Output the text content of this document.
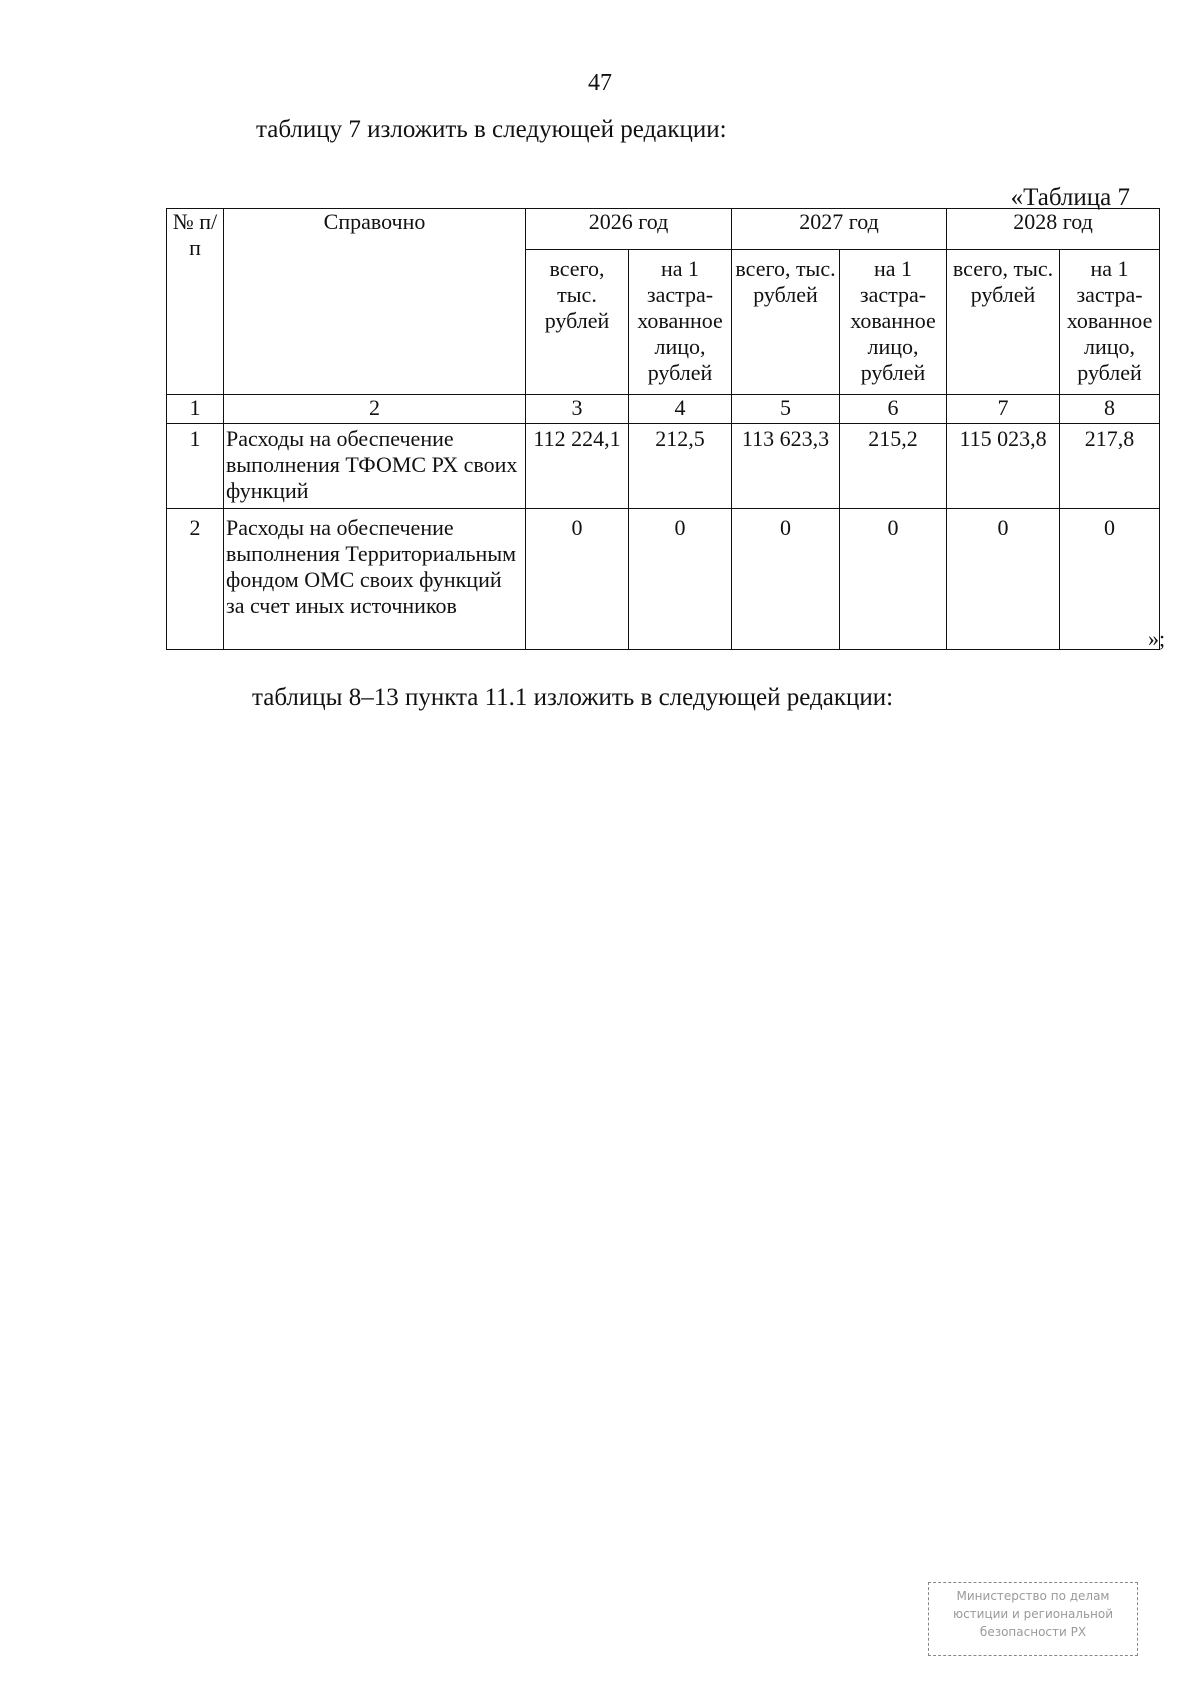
47
таблицу 7 изложить в следующей редакции:
«Таблица 7
№ п/п	Справочно	2026 год		2027 год		2028 год	
		всего, тыс. рублей	на 1 застра-хованное лицо, рублей	всего, тыс. рублей	на 1 застра-хованное лицо, рублей	всего, тыс. рублей	на 1 застра-хованное лицо, рублей
1	2	3	4	5	6	7	8
1	Расходы на обеспечение выполнения ТФОМС РХ своих функций	112 224,1	212,5	113 623,3	215,2	115 023,8	217,8
2	Расходы на обеспечение выполнения Территориальным фондом ОМС своих функций за счет иных источников	0	0	0	0	0	0
»;
таблицы 8–13 пункта 11.1 изложить в следующей редакции:
Министерство по делам
юстиции и региональной
безопасности РХ
